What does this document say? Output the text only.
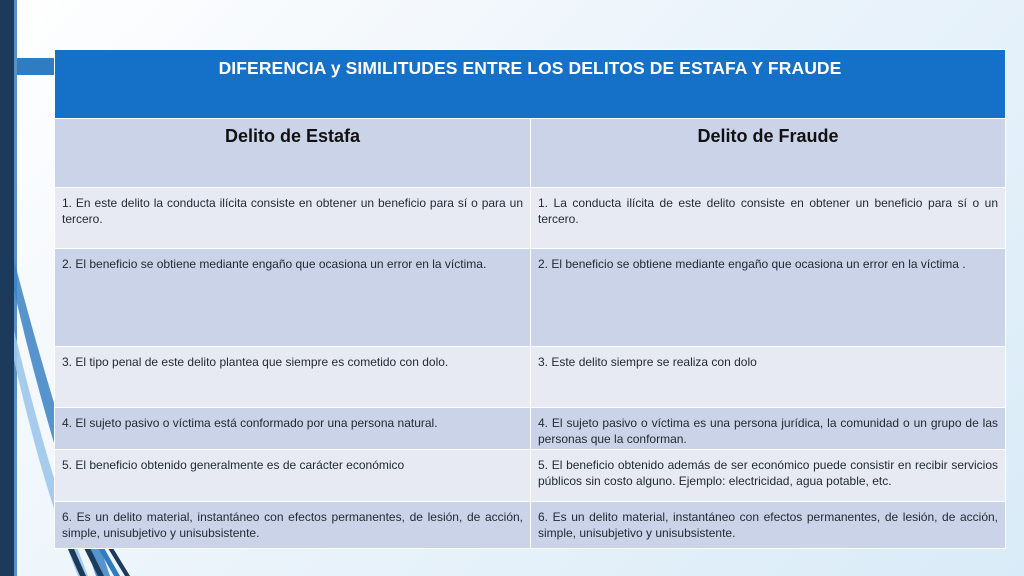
DIFERENCIA y SIMILITUDES ENTRE LOS DELITOS DE ESTAFA Y FRAUDE	
Delito de Estafa	Delito de Fraude
1. En este delito la conducta ilícita consiste en obtener un beneficio para sí o para un tercero.	1. La conducta ilícita de este delito consiste en obtener un beneficio para sí o un tercero.
2. El beneficio se obtiene mediante engaño que ocasiona un error en la víctima.	2. El beneficio se obtiene mediante engaño que ocasiona un error en la víctima .
3. El tipo penal de este delito plantea que siempre es cometido con dolo.	3. Este delito siempre se realiza con dolo
4. El sujeto pasivo o víctima está conformado por una persona natural.	4. El sujeto pasivo o víctima es una persona jurídica, la comunidad o un grupo de las personas que la conforman.
5. El beneficio obtenido generalmente es de carácter económico	5. El beneficio obtenido además de ser económico puede consistir en recibir servicios públicos sin costo alguno. Ejemplo: electricidad, agua potable, etc.
6. Es un delito material, instantáneo con efectos permanentes, de lesión, de acción, simple, unisubjetivo y unisubsistente.	6. Es un delito material, instantáneo con efectos permanentes, de lesión, de acción, simple, unisubjetivo y unisubsistente.
